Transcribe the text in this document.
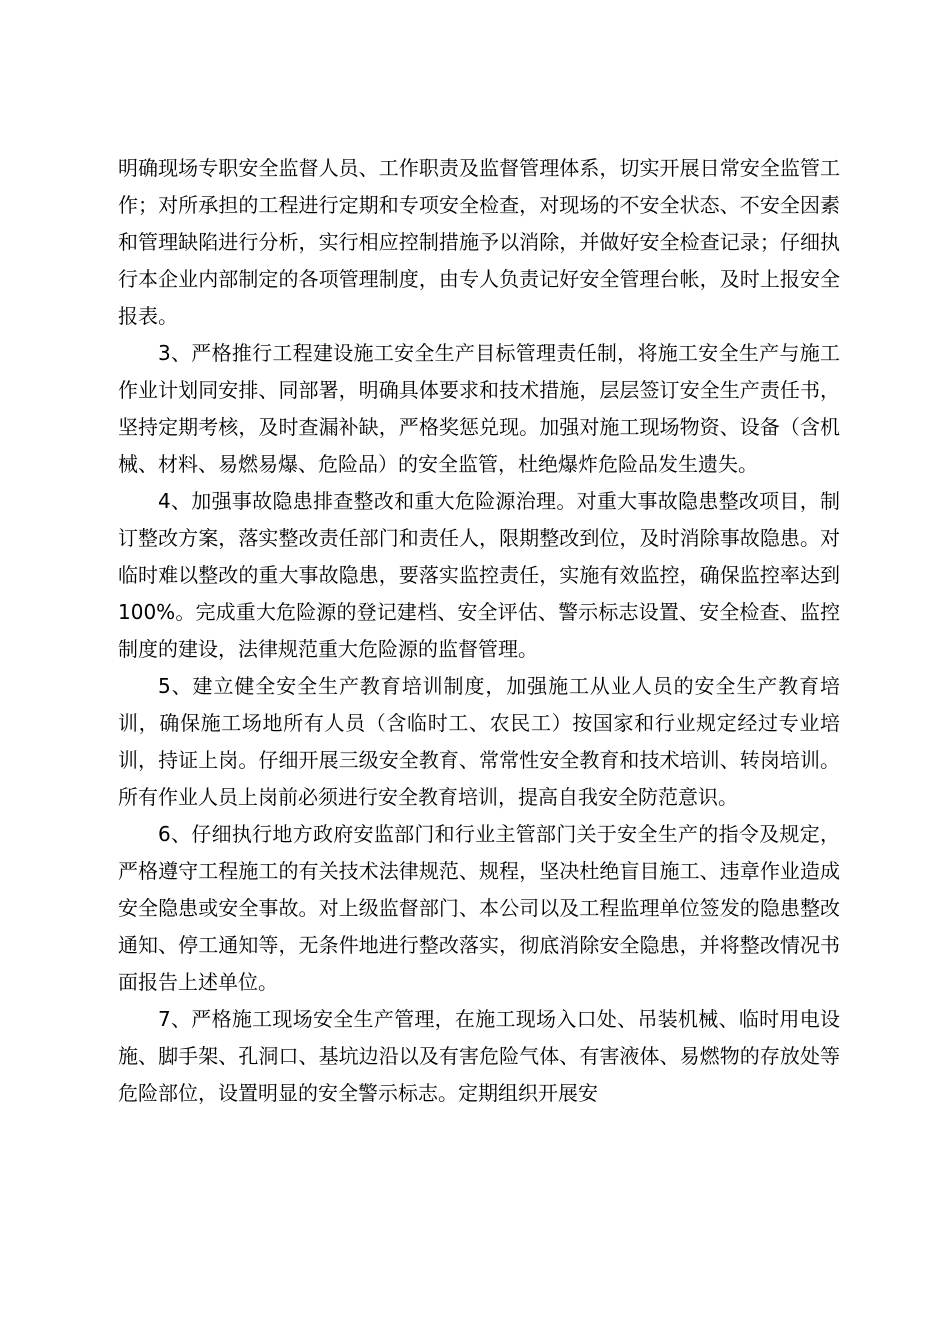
明确现场专职安全监督人员、工作职责及监督管理体系，切实开展日常安全监管工作；对所承担的工程进行定期和专项安全检查，对现场的不安全状态、不安全因素和管理缺陷进行分析，实行相应控制措施予以消除，并做好安全检查记录；仔细执行本企业内部制定的各项管理制度，由专人负责记好安全管理台帐，及时上报安全报表。

3、严格推行工程建设施工安全生产目标管理责任制，将施工安全生产与施工作业计划同安排、同部署，明确具体要求和技术措施，层层签订安全生产责任书，坚持定期考核，及时查漏补缺，严格奖惩兑现。加强对施工现场物资、设备（含机械、材料、易燃易爆、危险品）的安全监管，杜绝爆炸危险品发生遗失。

4、加强事故隐患排查整改和重大危险源治理。对重大事故隐患整改项目，制订整改方案，落实整改责任部门和责任人，限期整改到位，及时消除事故隐患。对临时难以整改的重大事故隐患，要落实监控责任，实施有效监控，确保监控率达到100%。完成重大危险源的登记建档、安全评估、警示标志设置、安全检查、监控制度的建设，法律规范重大危险源的监督管理。

5、建立健全安全生产教育培训制度，加强施工从业人员的安全生产教育培训，确保施工场地所有人员（含临时工、农民工）按国家和行业规定经过专业培训，持证上岗。仔细开展三级安全教育、常常性安全教育和技术培训、转岗培训。所有作业人员上岗前必须进行安全教育培训，提高自我安全防范意识。

6、仔细执行地方政府安监部门和行业主管部门关于安全生产的指令及规定，严格遵守工程施工的有关技术法律规范、规程，坚决杜绝盲目施工、违章作业造成安全隐患或安全事故。对上级监督部门、本公司以及工程监理单位签发的隐患整改通知、停工通知等，无条件地进行整改落实，彻底消除安全隐患，并将整改情况书面报告上述单位。

7、严格施工现场安全生产管理，在施工现场入口处、吊装机械、临时用电设施、脚手架、孔洞口、基坑边沿以及有害危险气体、有害液体、易燃物的存放处等危险部位，设置明显的安全警示标志。定期组织开展安
